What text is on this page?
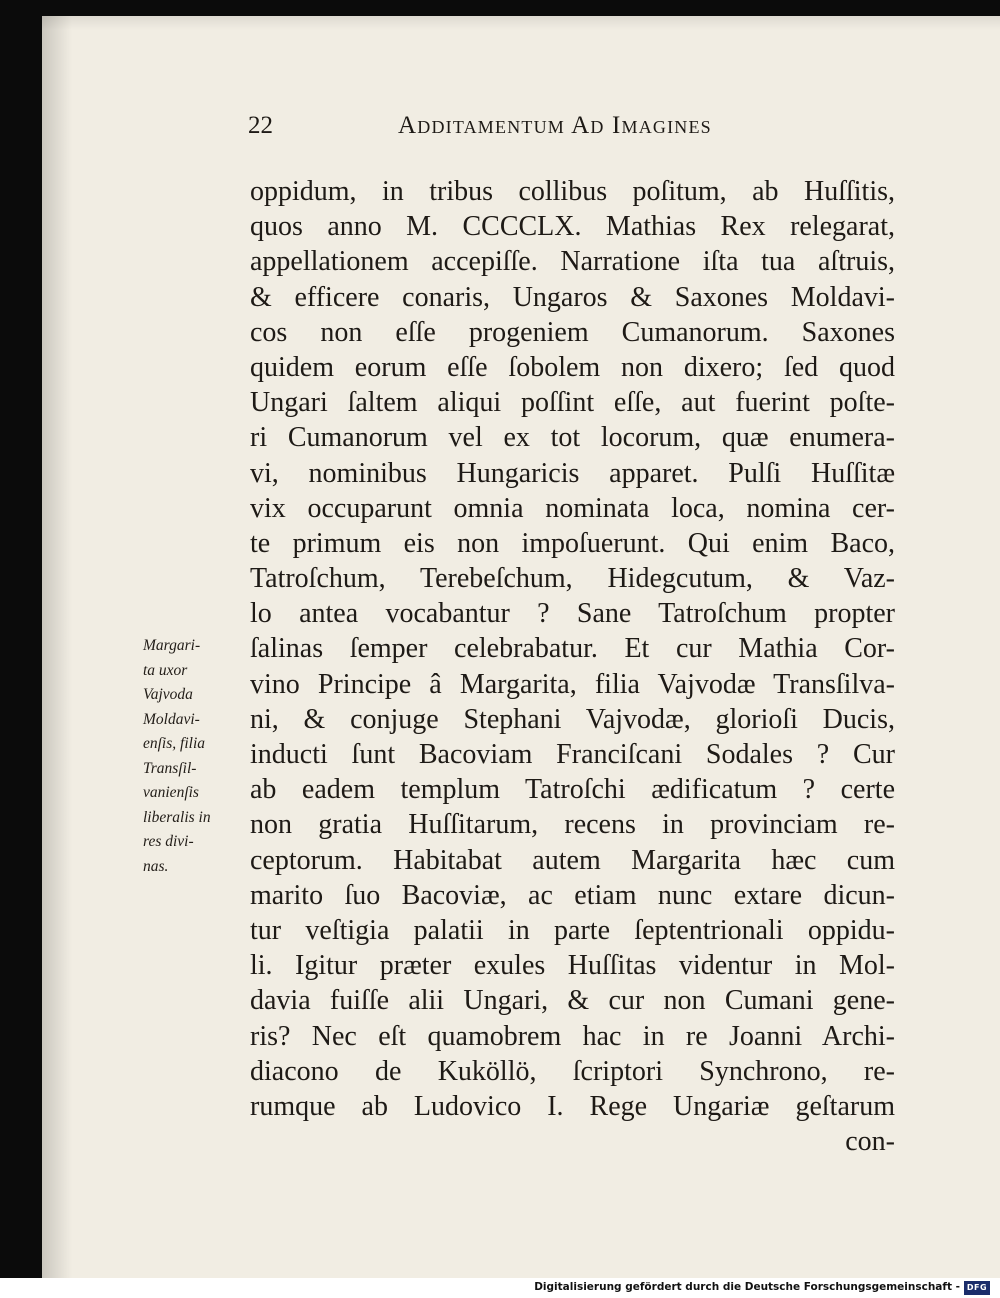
22	Additamentum Ad Imagines
oppidum, in tribus collibus poſitum, ab Huſſitis,
quos anno M. CCCCLX. Mathias Rex relegarat,
appellationem accepiſſe. Narratione iſta tua aſtruis,
& efficere conaris, Ungaros & Saxones Moldavi-
cos non eſſe progeniem Cumanorum. Saxones
quidem eorum eſſe ſobolem non dixero; ſed quod
Ungari ſaltem aliqui poſſint eſſe, aut fuerint poſte-
ri Cumanorum vel ex tot locorum, quæ enumera-
vi, nominibus Hungaricis apparet. Pulſi Huſſitæ
vix occuparunt omnia nominata loca, nomina cer-
te primum eis non impoſuerunt. Qui enim Baco,
Tatroſchum, Terebeſchum, Hidegcutum, & Vaz-
lo antea vocabantur ? Sane Tatroſchum propter
ſalinas ſemper celebrabatur. Et cur Mathia Cor-
vino Principe â Margarita, filia Vajvodæ Transſilva-
ni, & conjuge Stephani Vajvodæ, glorioſi Ducis,
inducti ſunt Bacoviam Franciſcani Sodales ? Cur
ab eadem templum Tatroſchi ædificatum ? certe
non gratia Huſſitarum, recens in provinciam re-
ceptorum. Habitabat autem Margarita hæc cum
marito ſuo Bacoviæ, ac etiam nunc extare dicun-
tur veſtigia palatii in parte ſeptentrionali oppidu-
li. Igitur præter exules Huſſitas videntur in Mol-
davia fuiſſe alii Ungari, & cur non Cumani gene-
ris? Nec eſt quamobrem hac in re Joanni Archi-
diacono de Kuköllö, ſcriptori Synchrono, re-
rumque ab Ludovico I. Rege Ungariæ geſtarum
con-
Margari-
ta uxor
Vajvoda
Moldavi-
enſis, filia
Transſil-
vanienſis
liberalis in
res divi-
nas.
Digitalisierung gefördert durch die Deutsche Forschungsgemeinschaft - DFG
